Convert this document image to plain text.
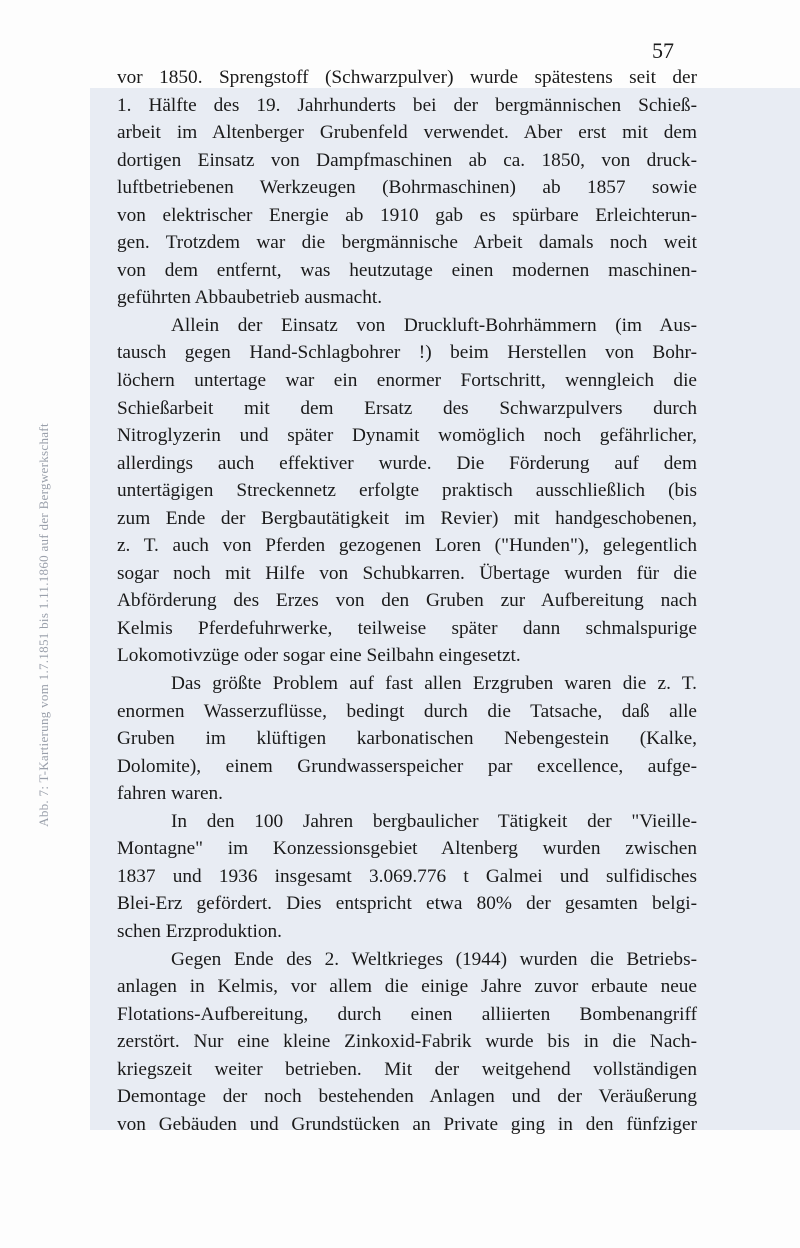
Abb. 7: T-Kartierung vom 1.7.1851 bis 1.11.1860 auf der Bergwerkschaft
57

vor 1850. Sprengstoff (Schwarzpulver) wurde spätestens seit der
1. Hälfte des 19. Jahrhunderts bei der bergmännischen Schieß-
arbeit im Altenberger Grubenfeld verwendet. Aber erst mit dem
dortigen Einsatz von Dampfmaschinen ab ca. 1850, von druck-
luftbetriebenen Werkzeugen (Bohrmaschinen) ab 1857 sowie
von elektrischer Energie ab 1910 gab es spürbare Erleichterun-
gen. Trotzdem war die bergmännische Arbeit damals noch weit
von dem entfernt, was heutzutage einen modernen maschinen-
geführten Abbaubetrieb ausmacht.

Allein der Einsatz von Druckluft-Bohrhämmern (im Aus-
tausch gegen Hand-Schlagbohrer !) beim Herstellen von Bohr-
löchern untertage war ein enormer Fortschritt, wenngleich die
Schießarbeit mit dem Ersatz des Schwarzpulvers durch
Nitroglyzerin und später Dynamit womöglich noch gefährlicher,
allerdings auch effektiver wurde. Die Förderung auf dem
untertägigen Streckennetz erfolgte praktisch ausschließlich (bis
zum Ende der Bergbautätigkeit im Revier) mit handgeschobenen,
z. T. auch von Pferden gezogenen Loren ("Hunden"), gelegentlich
sogar noch mit Hilfe von Schubkarren. Übertage wurden für die
Abförderung des Erzes von den Gruben zur Aufbereitung nach
Kelmis Pferdefuhrwerke, teilweise später dann schmalspurige
Lokomotivzüge oder sogar eine Seilbahn eingesetzt.

Das größte Problem auf fast allen Erzgruben waren die z. T.
enormen Wasserzuflüsse, bedingt durch die Tatsache, daß alle
Gruben im klüftigen karbonatischen Nebengestein (Kalke,
Dolomite), einem Grundwasserspeicher par excellence, aufge-
fahren waren.

In den 100 Jahren bergbaulicher Tätigkeit der "Vieille-
Montagne" im Konzessionsgebiet Altenberg wurden zwischen
1837 und 1936 insgesamt 3.069.776 t Galmei und sulfidisches
Blei-Erz gefördert. Dies entspricht etwa 80% der gesamten belgi-
schen Erzproduktion.

Gegen Ende des 2. Weltkrieges (1944) wurden die Betriebs-
anlagen in Kelmis, vor allem die einige Jahre zuvor erbaute neue
Flotations-Aufbereitung, durch einen alliierten Bombenangriff
zerstört. Nur eine kleine Zinkoxid-Fabrik wurde bis in die Nach-
kriegszeit weiter betrieben. Mit der weitgehend vollständigen
Demontage der noch bestehenden Anlagen und der Veräußerung
von Gebäuden und Grundstücken an Private ging in den fünfziger
